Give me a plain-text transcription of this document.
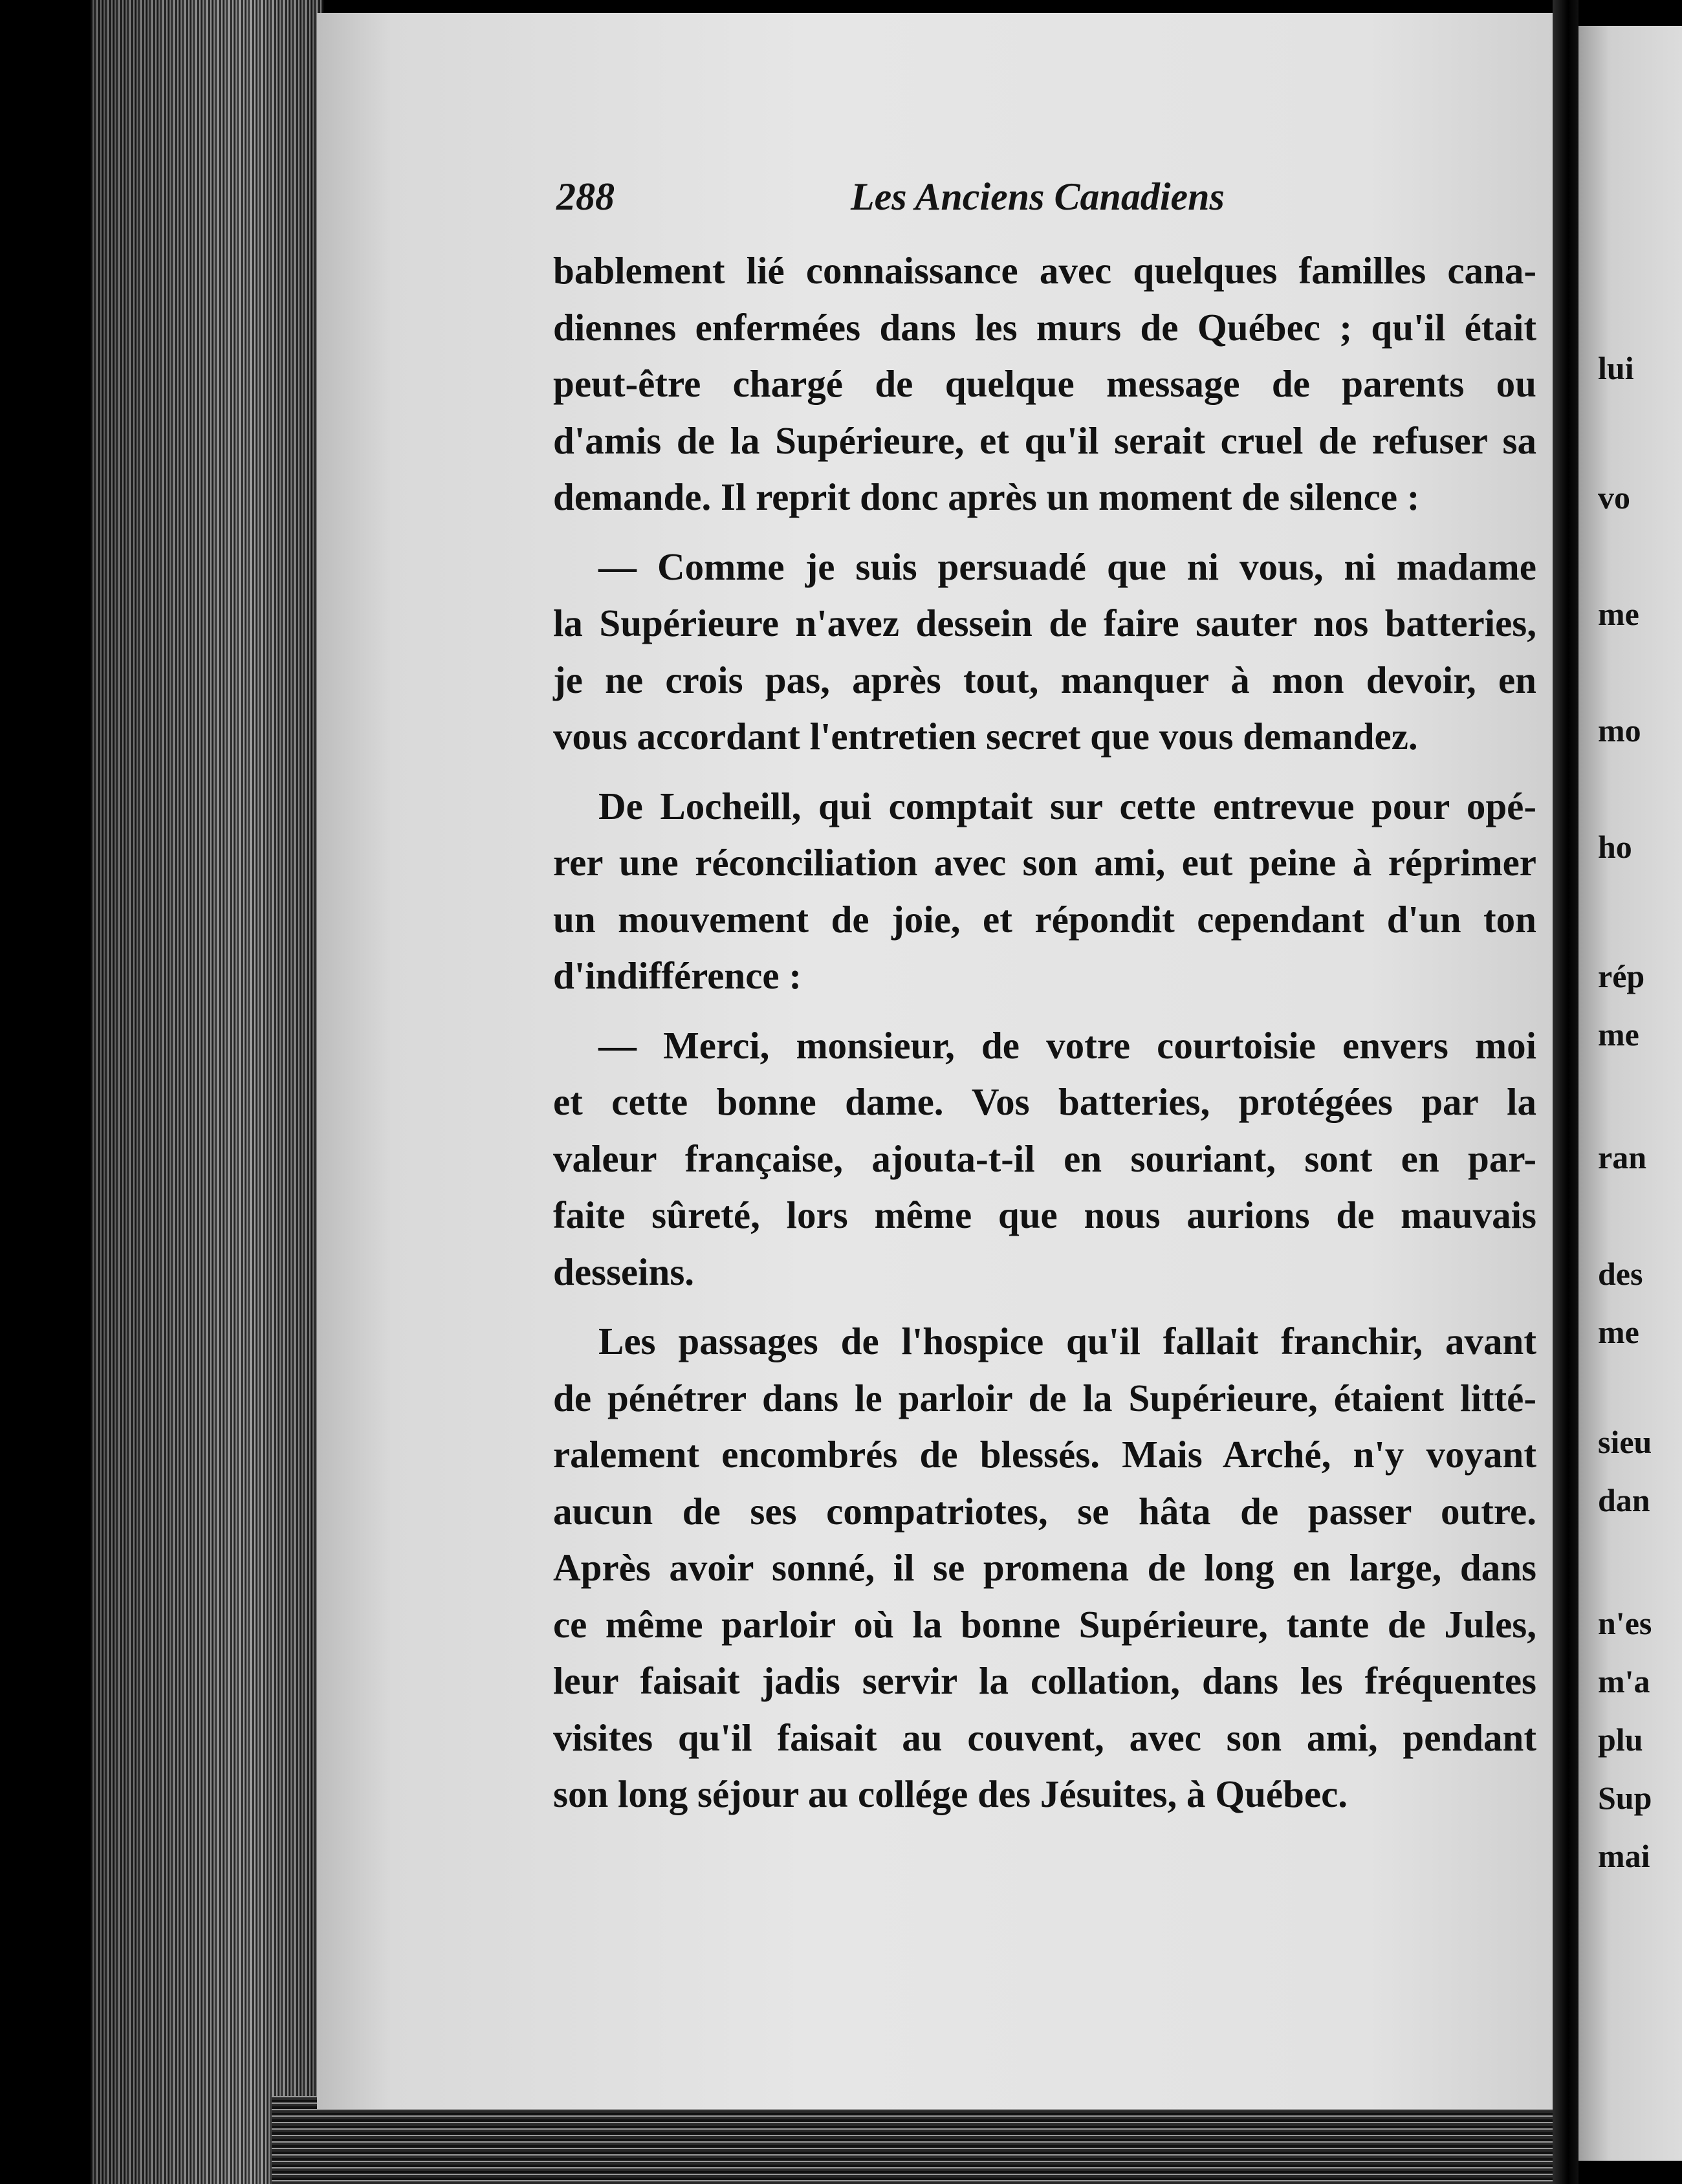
288	Les Anciens Canadiens
bablement lié connaissance avec quelques familles cana-
diennes enfermées dans les murs de Québec ; qu'il était
peut-être chargé de quelque message de parents ou
d'amis de la Supérieure, et qu'il serait cruel de refuser sa
demande. Il reprit donc après un moment de silence :
— Comme je suis persuadé que ni vous, ni madame
la Supérieure n'avez dessein de faire sauter nos batteries,
je ne crois pas, après tout, manquer à mon devoir, en
vous accordant l'entretien secret que vous demandez.
De Locheill, qui comptait sur cette entrevue pour opé-
rer une réconciliation avec son ami, eut peine à réprimer
un mouvement de joie, et répondit cependant d'un ton
d'indifférence :
— Merci, monsieur, de votre courtoisie envers moi
et cette bonne dame. Vos batteries, protégées par la
valeur française, ajouta-t-il en souriant, sont en par-
faite sûreté, lors même que nous aurions de mauvais
desseins.
Les passages de l'hospice qu'il fallait franchir, avant
de pénétrer dans le parloir de la Supérieure, étaient litté-
ralement encombrés de blessés. Mais Arché, n'y voyant
aucun de ses compatriotes, se hâta de passer outre.
Après avoir sonné, il se promena de long en large, dans
ce même parloir où la bonne Supérieure, tante de Jules,
leur faisait jadis servir la collation, dans les fréquentes
visites qu'il faisait au couvent, avec son ami, pendant
son long séjour au collége des Jésuites, à Québec.
lui
vo
me
mo
ho
rép
me
ran
des
me
sieu
dan
n'es
m'a
plu
Sup
mai
